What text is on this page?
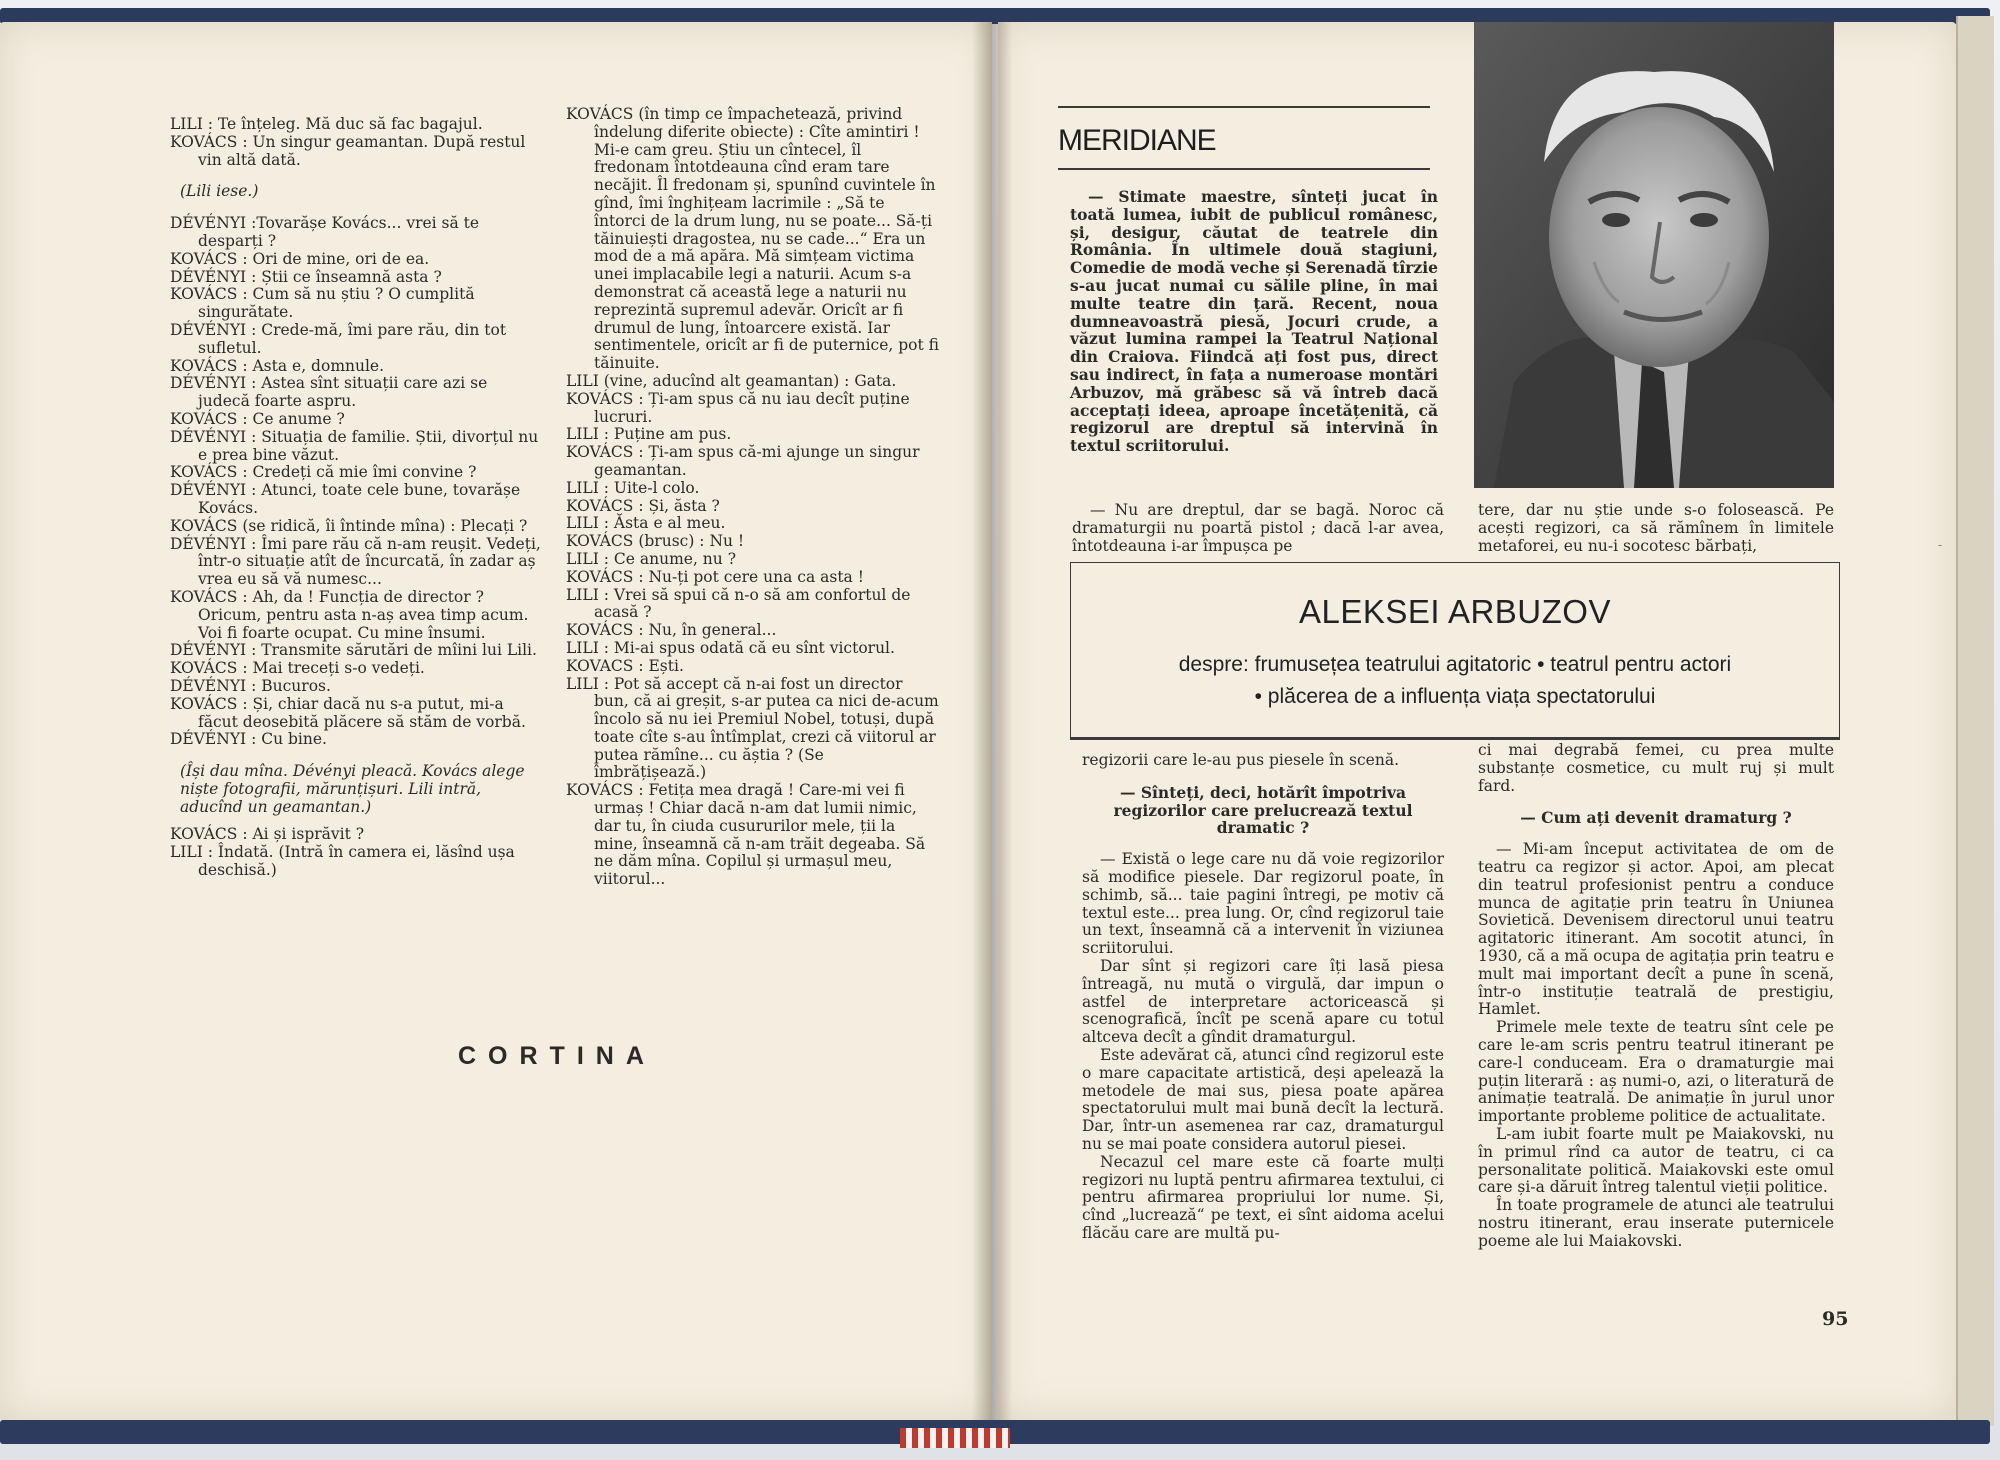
LILI : Te înțeleg. Mă duc să fac bagajul.

KOVÁCS : Un singur geamantan. După restul vin altă dată.

(Lili iese.)

DÉVÉNYI :Tovarășe Kovács... vrei să te desparți ?

KOVÁCS : Ori de mine, ori de ea.

DÉVÉNYI : Știi ce înseamnă asta ?

KOVÁCS : Cum să nu știu ? O cumplită singurătate.

DÉVÉNYI : Crede-mă, îmi pare rău, din tot sufletul.

KOVÁCS : Asta e, domnule.

DÉVÉNYI : Astea sînt situații care azi se judecă foarte aspru.

KOVÁCS : Ce anume ?

DÉVÉNYI : Situația de familie. Știi, divorțul nu e prea bine văzut.

KOVÁCS : Credeți că mie îmi convine ?

DÉVÉNYI : Atunci, toate cele bune, tovarășe Kovács.

KOVÁCS (se ridică, îi întinde mîna) : Plecați ?

DÉVÉNYI : Îmi pare rău că n-am reușit. Vedeți, într-o situație atît de încurcată, în zadar aș vrea eu să vă numesc...

KOVÁCS : Ah, da ! Funcția de director ? Oricum, pentru asta n-aș avea timp acum. Voi fi foarte ocupat. Cu mine însumi.

DÉVÉNYI : Transmite sărutări de mîini lui Lili.

KOVÁCS : Mai treceți s-o vedeți.

DÉVÉNYI : Bucuros.

KOVÁCS : Și, chiar dacă nu s-a putut, mi-a făcut deosebită plăcere să stăm de vorbă.

DÉVÉNYI : Cu bine.

(Își dau mîna. Dévényi pleacă. Kovács alege niște fotografii, mărunțișuri. Lili intră, aducînd un geamantan.)

KOVÁCS : Ai și isprăvit ?

LILI : Îndată. (Intră în camera ei, lăsînd ușa deschisă.)

KOVÁCS (în timp ce împachetează, privind îndelung diferite obiecte) : Cîte amintiri ! Mi-e cam greu. Știu un cîntecel, îl fredonam întotdeauna cînd eram tare necăjit. Îl fredonam și, spunînd cuvintele în gînd, îmi înghițeam lacrimile : „Să te întorci de la drum lung, nu se poate... Să-ți tăinuiești dragostea, nu se cade...“ Era un mod de a mă apăra. Mă simțeam victima unei implacabile legi a naturii. Acum s-a demonstrat că această lege a naturii nu reprezintă supremul adevăr. Oricît ar fi drumul de lung, întoarcere există. Iar sentimentele, oricît ar fi de puternice, pot fi tăinuite.

LILI (vine, aducînd alt geamantan) : Gata.

KOVÁCS : Ți-am spus că nu iau decît puține lucruri.

LILI : Puține am pus.

KOVÁCS : Ți-am spus că-mi ajunge un singur geamantan.

LILI : Uite-l colo.

KOVÁCS : Și, ăsta ?

LILI : Ăsta e al meu.

KOVÁCS (brusc) : Nu !

LILI : Ce anume, nu ?

KOVÁCS : Nu-ți pot cere una ca asta !

LILI : Vrei să spui că n-o să am confortul de acasă ?

KOVÁCS : Nu, în general...

LILI : Mi-ai spus odată că eu sînt victorul.

KOVACS : Ești.

LILI : Pot să accept că n-ai fost un director bun, că ai greșit, s-ar putea ca nici de-acum încolo să nu iei Premiul Nobel, totuși, după toate cîte s-au întîmplat, crezi că viitorul ar putea rămîne... cu ăștia ? (Se îmbrățișează.)

KOVÁCS : Fetița mea dragă ! Care-mi vei fi urmaș ! Chiar dacă n-am dat lumii nimic, dar tu, în ciuda cusururilor mele, ții la mine, înseamnă că n-am trăit degeaba. Să ne dăm mîna. Copilul și urmașul meu, viitorul...

CORTINA
MERIDIANE

— Stimate maestre, sînteți jucat în toată lumea, iubit de publicul românesc, și, desigur, căutat de teatrele din România. În ultimele două stagiuni, Comedie de modă veche și Serenadă tîrzie s-au jucat numai cu sălile pline, în mai multe teatre din țară. Recent, noua dumneavoastră piesă, Jocuri crude, a văzut lumina rampei la Teatrul Național din Craiova. Fiindcă ați fost pus, direct sau indirect, în fața a numeroase montări Arbuzov, mă grăbesc să vă întreb dacă acceptați ideea, aproape încetățenită, că regizorul are dreptul să intervină în textul scriitorului.

— Nu are dreptul, dar se bagă. Noroc că dramaturgii nu poartă pistol ; dacă l-ar avea, întotdeauna i-ar împușca pe

tere, dar nu știe unde s-o folosească. Pe acești regizori, ca să rămînem în limitele metaforei, eu nu-i socotesc bărbați,

ALEKSEI ARBUZOV
despre: frumusețea teatrului agitatoric • teatrul pentru actori
• plăcerea de a influența viața spectatorului

regizorii care le-au pus piesele în scenă.

— Sînteți, deci, hotărît împotriva regizorilor care prelucrează textul dramatic ?

— Există o lege care nu dă voie regizorilor să modifice piesele. Dar regizorul poate, în schimb, să... taie pagini întregi, pe motiv că textul este... prea lung. Or, cînd regizorul taie un text, înseamnă că a intervenit în viziunea scriitorului.

Dar sînt și regizori care îți lasă piesa întreagă, nu mută o virgulă, dar impun o astfel de interpretare actoricească și scenografică, încît pe scenă apare cu totul altceva decît a gîndit dramaturgul.

Este adevărat că, atunci cînd regizorul este o mare capacitate artistică, deși apelează la metodele de mai sus, piesa poate apărea spectatorului mult mai bună decît la lectură. Dar, într-un asemenea rar caz, dramaturgul nu se mai poate considera autorul piesei.

Necazul cel mare este că foarte mulți regizori nu luptă pentru afirmarea textului, ci pentru afirmarea propriului lor nume. Și, cînd „lucrează“ pe text, ei sînt aidoma acelui flăcău care are multă pu-

ci mai degrabă femei, cu prea multe substanțe cosmetice, cu mult ruj și mult fard.

— Cum ați devenit dramaturg ?

— Mi-am început activitatea de om de teatru ca regizor și actor. Apoi, am plecat din teatrul profesionist pentru a conduce munca de agitație prin teatru în Uniunea Sovietică. Devenisem directorul unui teatru agitatoric itinerant. Am socotit atunci, în 1930, că a mă ocupa de agitația prin teatru e mult mai important decît a pune în scenă, într-o instituție teatrală de prestigiu, Hamlet.

Primele mele texte de teatru sînt cele pe care le-am scris pentru teatrul itinerant pe care-l conduceam. Era o dramaturgie mai puțin literară : aș numi-o, azi, o literatură de animație teatrală. De animație în jurul unor importante probleme politice de actualitate.

L-am iubit foarte mult pe Maiakovski, nu în primul rînd ca autor de teatru, ci ca personalitate politică. Maiakovski este omul care și-a dăruit întreg talentul vieții politice.

În toate programele de atunci ale teatrului nostru itinerant, erau inserate puternicele poeme ale lui Maiakovski.

95
-
